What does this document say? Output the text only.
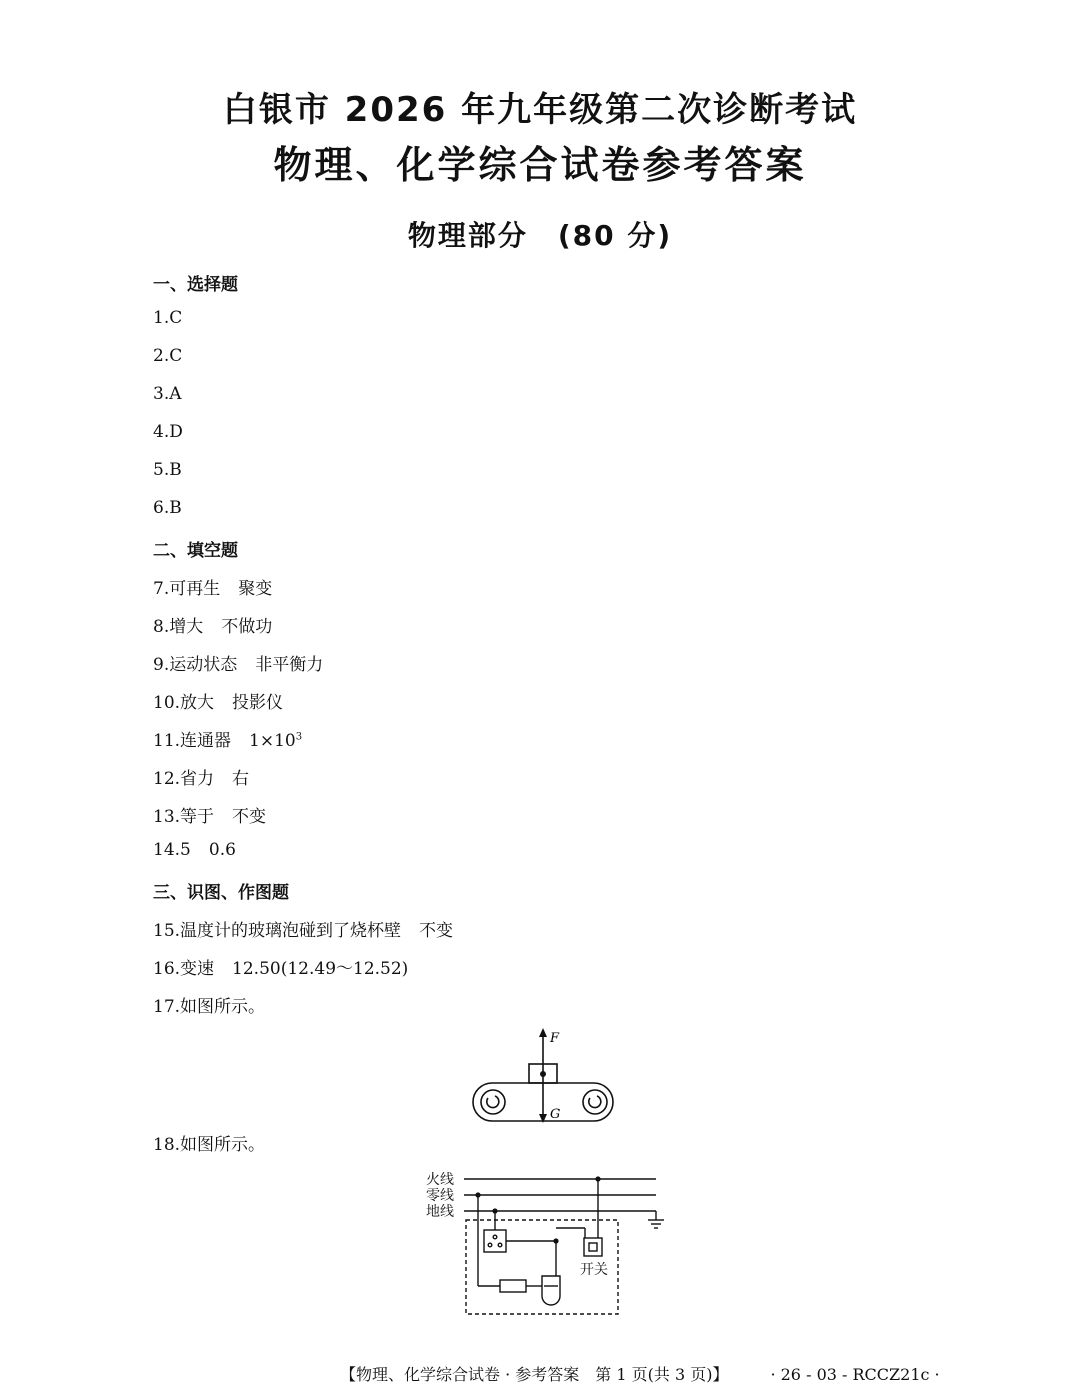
白银市 2026 年九年级第二次诊断考试
物理、化学综合试卷参考答案
物理部分　(80 分)
一、选择题
1.C
2.C
3.A
4.D
5.B
6.B
二、填空题
7.可再生 聚变
8.增大 不做功
9.运动状态 非平衡力
10.放大 投影仪
11.连通器 $1\times 10^3$
12.省力 右
13.等于 不变
14.5 0.6
三、识图、作图题
15.温度计的玻璃泡碰到了烧杯壁 不变
16.变速 12.50(12.49～12.52)
17.如图所示。
F
G
18.如图所示。
火线
零线
地线
开关
【物理、化学综合试卷 · 参考答案　第 1 页(共 3 页)】	· 26 - 03 - RCCZ21c ·
